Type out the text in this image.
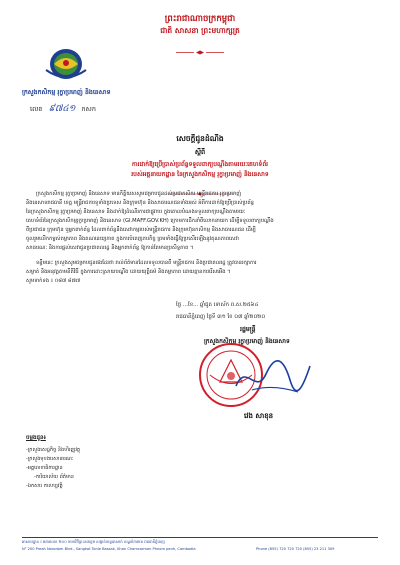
ព្រះរាជាណាចក្រកម្ពុជា
ជាតិ សាសនា ព្រះមហាក្សត្រ
ក្រសួងកសិកម្ម រុក្ខាប្រមាញ់ និងនេសាទ
លេខ ៩៧៤១ កសក
សេចក្តីជូនដំណឹង
ស្តីពី
ការដាក់ឱ្យប្រើប្រាស់ប្រព័ន្ធទទួលពាក្យបណ្តឹងតាមរយៈគេហទំព័រ
របស់អគ្គនាយកដ្ឋាន នៃក្រសួងកសិកម្ម រុក្ខាប្រមាញ់ និងនេសាទ
ក្រសួងកសិកម្ម រុក្ខាប្រមាញ់ និងនេសាទ មានកិត្តិយសសូមជម្រាបជូនដល់ប្រជាកសិករ មន្ត្រីរាជការ រុក្ខាប្រមាញ់
និងនេសាទរាជធានី ខេត្ត មន្ត្រីរាជការទូទាំងប្រទេស និងក្រុមហ៊ុន និងសាធារណជនទាំងអស់ អំពីការដាក់ឱ្យប្រើប្រាស់ប្រព័ន្ធ
នៃក្រសួងកសិកម្ម រុក្ខាប្រមាញ់ និងនេសាទ និងដាក់ឱ្យដំណើរការជាផ្លូវការ ក្នុងគោលបំណងទទួលពាក្យបណ្តឹងតាមរយៈ
គេហទំព័រនៃក្រសួងកសិកម្មរុក្ខាប្រមាញ់ និងនេសាទ (GI.MAFF.GOV.KH) ក្រោមការដឹកនាំពីលោកនាយក ដើម្បីទទួលពាក្យបណ្តឹង
ពីប្រជាជន ក្រុមហ៊ុន ឬអ្នកពាក់ព័ន្ធ ដែលពាក់ព័ន្ធនឹងសេវាកម្មរបស់មន្ត្រីរាជការ និងក្រុមហ៊ុនកសិកម្ម និងសាធារណជន ដើម្បី
ចូលរួមលើកកម្ពស់តម្លាភាព និងគណនេយ្យភាព ក្នុងការបំពេញភារកិច្ច ព្រមទាំងធ្វើឱ្យប្រសើរឡើងនូវគុណភាពសេវា
សាធារណៈ និងការផ្តល់សេវាជូនប្រជាពលរដ្ឋ និងអ្នកពាក់ព័ន្ធ ឱ្យកាន់តែមានប្រសិទ្ធភាព ។
ទន្ទឹមនេះ ក្រសួងសូមជម្រាបជូនផងដែរថា រាល់ព័ត៌មានដែលទទួលបានពី មន្ត្រីរាជការ និងប្រជាពលរដ្ឋ ត្រូវបានរក្សាការ
សម្ងាត់ និងអនុវត្តតាមនីតិវិធី ក្នុងការដោះស្រាយបណ្តឹង ដោយយុត្តិធម៌ និងតម្លាភាព ដោយគ្មានការរើសអើង ។
សូមទាក់ទង ៖ ០៨៧ ៨៧៧
ថ្ងៃ ...ខែ... ឆ្នាំជូត ទោស័ក ព.ស.២៥៦៤
រាជធានីភ្នំពេញ ថ្ងៃទី ៣១ ខែ ០៧ ឆ្នាំ២០២០
រដ្ឋមន្ត្រី
ក្រសួងកសិកម្ម រុក្ខាប្រមាញ់ និងនេសាទ
វេង សាខុន
ចម្លងជូន៖
-ក្រសួងសេដ្ឋកិច្ច និងហិរញ្ញវត្ថុ
-ក្រសួងមុខងារសាធារណៈ
-អគ្គលេខាធិការដ្ឋាន
-ការិយាល័យ ព័ត៌មាន
-ឯកសារ កាលប្បវត្តិ
អាសយដ្ឋាន ៖ អគារលេខ ២០០ មហាវិថីព្រះនរោត្តម សង្កាត់ទន្លេបាសាក់ ខណ្ឌចំការមន រាជធានីភ្នំពេញ
N° 200 Preah Norodom Blvd., Sangkat Tonle Bassak, Khan Chamcarmon Phnom penh, Cambodia	Phone (855) 720 720 720 (855) 23 211 309
